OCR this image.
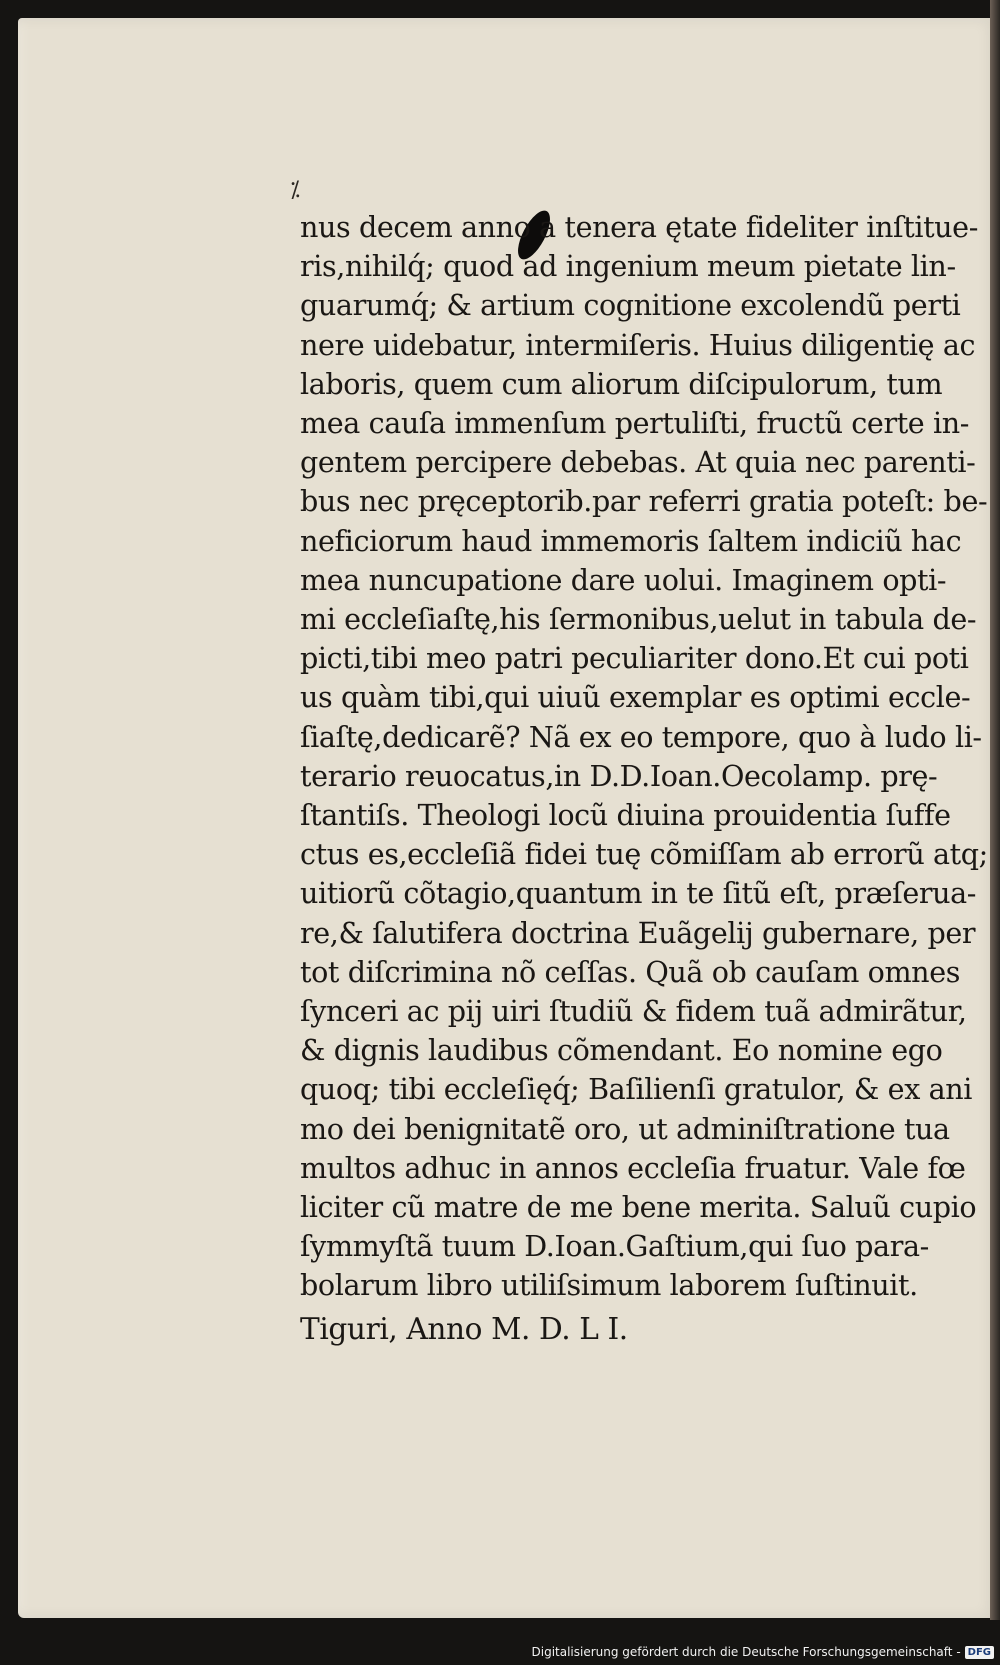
⁒
nus decem anno a tenera ętate fideliter inſtitue-
ris,nihilq́; quod ad ingenium meum pietate lin-
guarumq́; & artium cognitione excolendũ perti
nere uidebatur, intermiſeris. Huius diligentię ac
laboris, quem cum aliorum diſcipulorum, tum
mea cauſa immenſum pertuliſti, fructũ certe in-
gentem percipere debebas. At quia nec parenti-
bus nec pręceptorib.par referri gratia poteſt: be-
neficiorum haud immemoris ſaltem indiciũ hac
mea nuncupatione dare uolui. Imaginem opti-
mi eccleſiaſtę,his ſermonibus,uelut in tabula de-
picti,tibi meo patri peculiariter dono.Et cui poti
us quàm tibi,qui uiuũ exemplar es optimi eccle-
ſiaſtę,dedicarẽ? Nã ex eo tempore, quo à ludo li-
terario reuocatus,in D.D.Ioan.Oecolamp. prę-
ſtantiſs. Theologi locũ diuina prouidentia ſuffe
ctus es,eccleſiã fidei tuę cõmiſſam ab errorũ atq;
uitiorũ cõtagio,quantum in te ſitũ eſt, præſerua-
re,& ſalutifera doctrina Euãgelij gubernare, per
tot diſcrimina nõ ceſſas. Quã ob cauſam omnes
ſynceri ac pij uiri ſtudiũ & fidem tuã admirãtur,
& dignis laudibus cõmendant. Eo nomine ego
quoq; tibi eccleſięq́; Baſilienſi gratulor, & ex ani
mo dei benignitatẽ oro, ut adminiſtratione tua
multos adhuc in annos eccleſia fruatur. Vale fœ
liciter cũ matre de me bene merita. Saluũ cupio
ſymmyſtã tuum D.Ioan.Gaſtium,qui ſuo para-
bolarum libro utiliſsimum laborem ſuſtinuit.
Tiguri, Anno M. D. L I.
Digitalisierung gefördert durch die Deutsche Forschungsgemeinschaft - DFG
